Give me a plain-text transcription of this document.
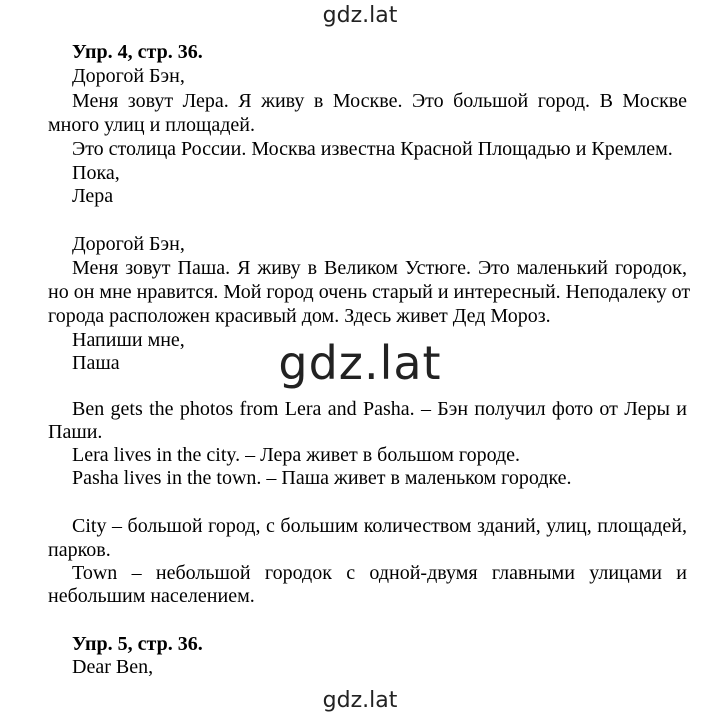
gdz.lat
gdz.lat
gdz.lat
Упр. 4, стр. 36.
Дорогой Бэн,
Меня зовут Лера. Я живу в Москве. Это большой город. В Москве
много улиц и площадей.
Это столица России. Москва известна Красной Площадью и Кремлем.
Пока,
Лера
Дорогой Бэн,
Меня зовут Паша. Я живу в Великом Устюге. Это маленький городок,
но он мне нравится. Мой город очень старый и интересный. Неподалеку от
города расположен красивый дом. Здесь живет Дед Мороз.
Напиши мне,
Паша
Ben gets the photos from Lera and Pasha. – Бэн получил фото от Леры и
Паши.
Lera lives in the city. – Лера живет в большом городе.
Pasha lives in the town. – Паша живет в маленьком городке.
City – большой город, с большим количеством зданий, улиц, площадей,
парков.
Town – небольшой городок с одной-двумя главными улицами и
небольшим населением.
Упр. 5, стр. 36.
Dear Ben,
